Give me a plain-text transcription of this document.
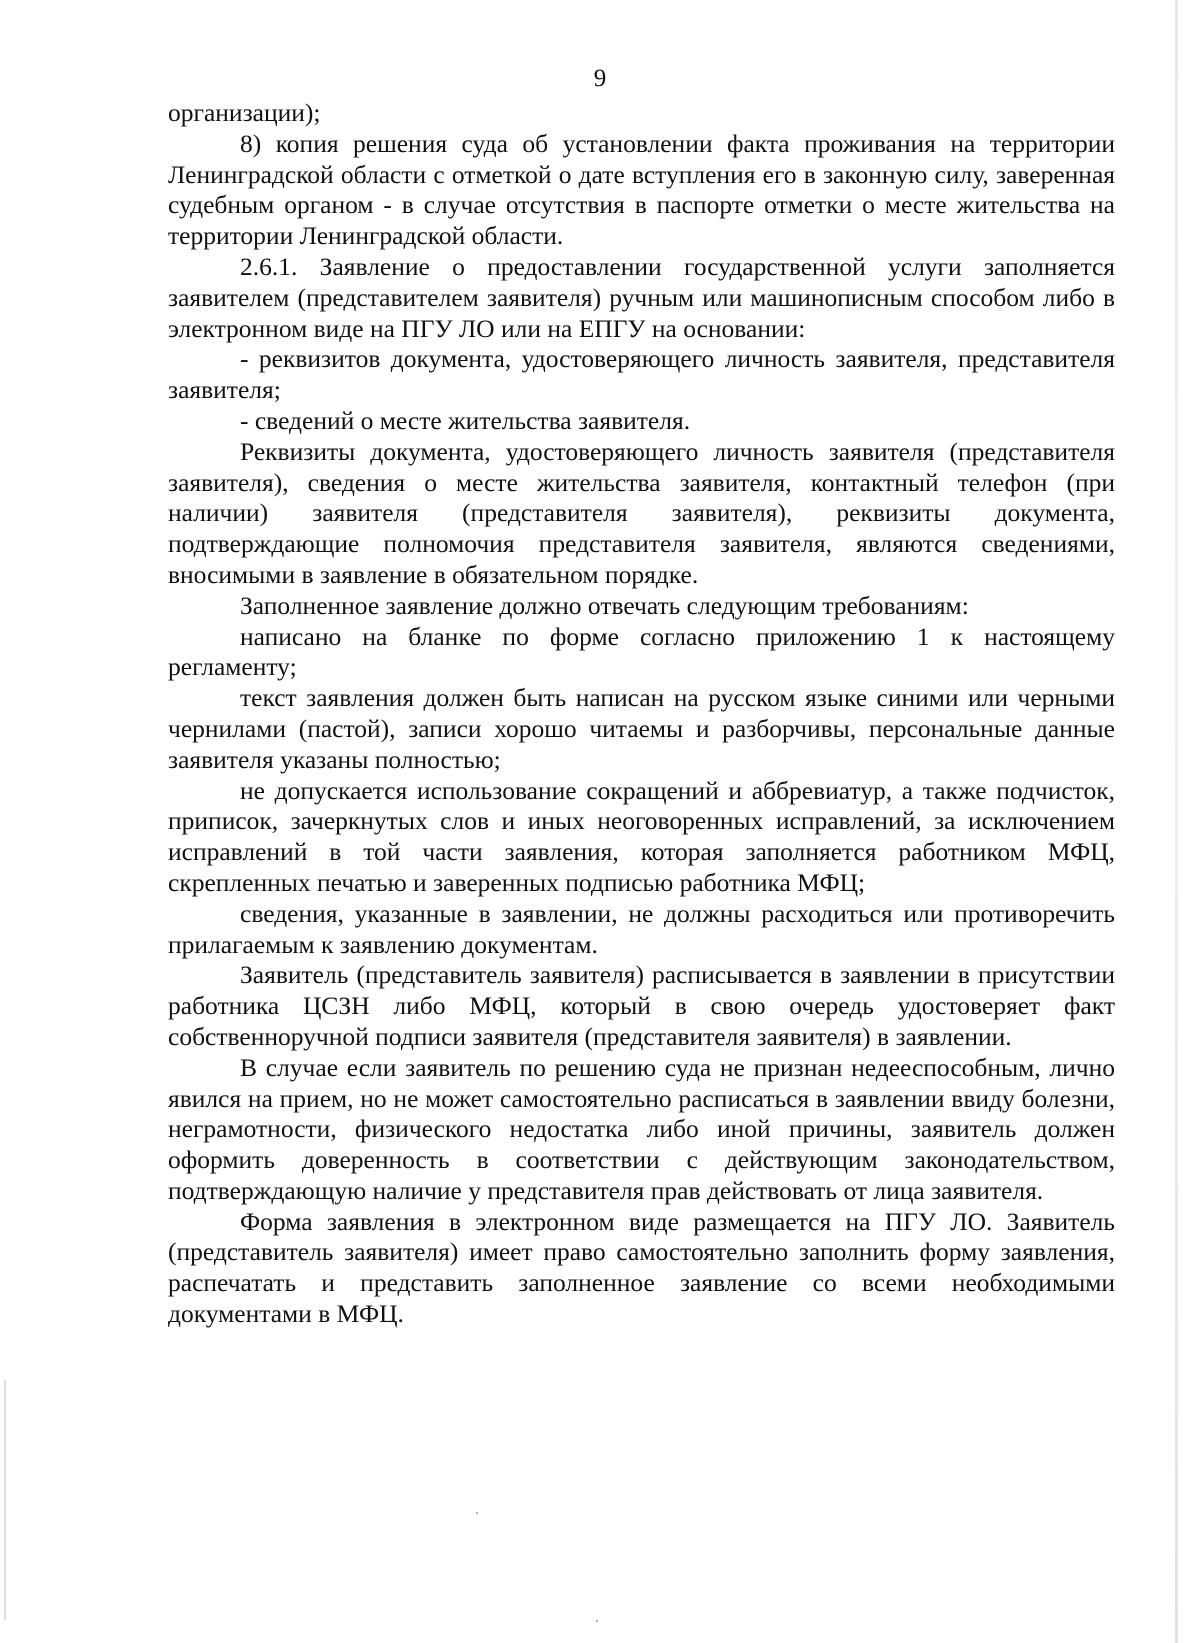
9

организации);

8) копия решения суда об установлении факта проживания на территории Ленинградской области с отметкой о дате вступления его в законную силу, заверенная судебным органом - в случае отсутствия в паспорте отметки о месте жительства на территории Ленинградской области.

2.6.1. Заявление о предоставлении государственной услуги заполняется заявителем (представителем заявителя) ручным или машинописным способом либо в электронном виде на ПГУ ЛО или на ЕПГУ на основании:

- реквизитов документа, удостоверяющего личность заявителя, представителя заявителя;

- сведений о месте жительства заявителя.

Реквизиты документа, удостоверяющего личность заявителя (представителя заявителя), сведения о месте жительства заявителя, контактный телефон (при наличии) заявителя (представителя заявителя), реквизиты документа, подтверждающие полномочия представителя заявителя, являются сведениями, вносимыми в заявление в обязательном порядке.

Заполненное заявление должно отвечать следующим требованиям:

написано на бланке по форме согласно приложению 1 к настоящему регламенту;

текст заявления должен быть написан на русском языке синими или черными чернилами (пастой), записи хорошо читаемы и разборчивы, персональные данные заявителя указаны полностью;

не допускается использование сокращений и аббревиатур, а также подчисток, приписок, зачеркнутых слов и иных неоговоренных исправлений, за исключением исправлений в той части заявления, которая заполняется работником МФЦ, скрепленных печатью и заверенных подписью работника МФЦ;

сведения, указанные в заявлении, не должны расходиться или противоречить прилагаемым к заявлению документам.

Заявитель (представитель заявителя) расписывается в заявлении в присутствии работника ЦСЗН либо МФЦ, который в свою очередь удостоверяет факт собственноручной подписи заявителя (представителя заявителя) в заявлении.

В случае если заявитель по решению суда не признан недееспособным, лично явился на прием, но не может самостоятельно расписаться в заявлении ввиду болезни, неграмотности, физического недостатка либо иной причины, заявитель должен оформить доверенность в соответствии с действующим законодательством, подтверждающую наличие у представителя прав действовать от лица заявителя.

Форма заявления в электронном виде размещается на ПГУ ЛО. Заявитель (представитель заявителя) имеет право самостоятельно заполнить форму заявления, распечатать и представить заполненное заявление со всеми необходимыми документами в МФЦ.
